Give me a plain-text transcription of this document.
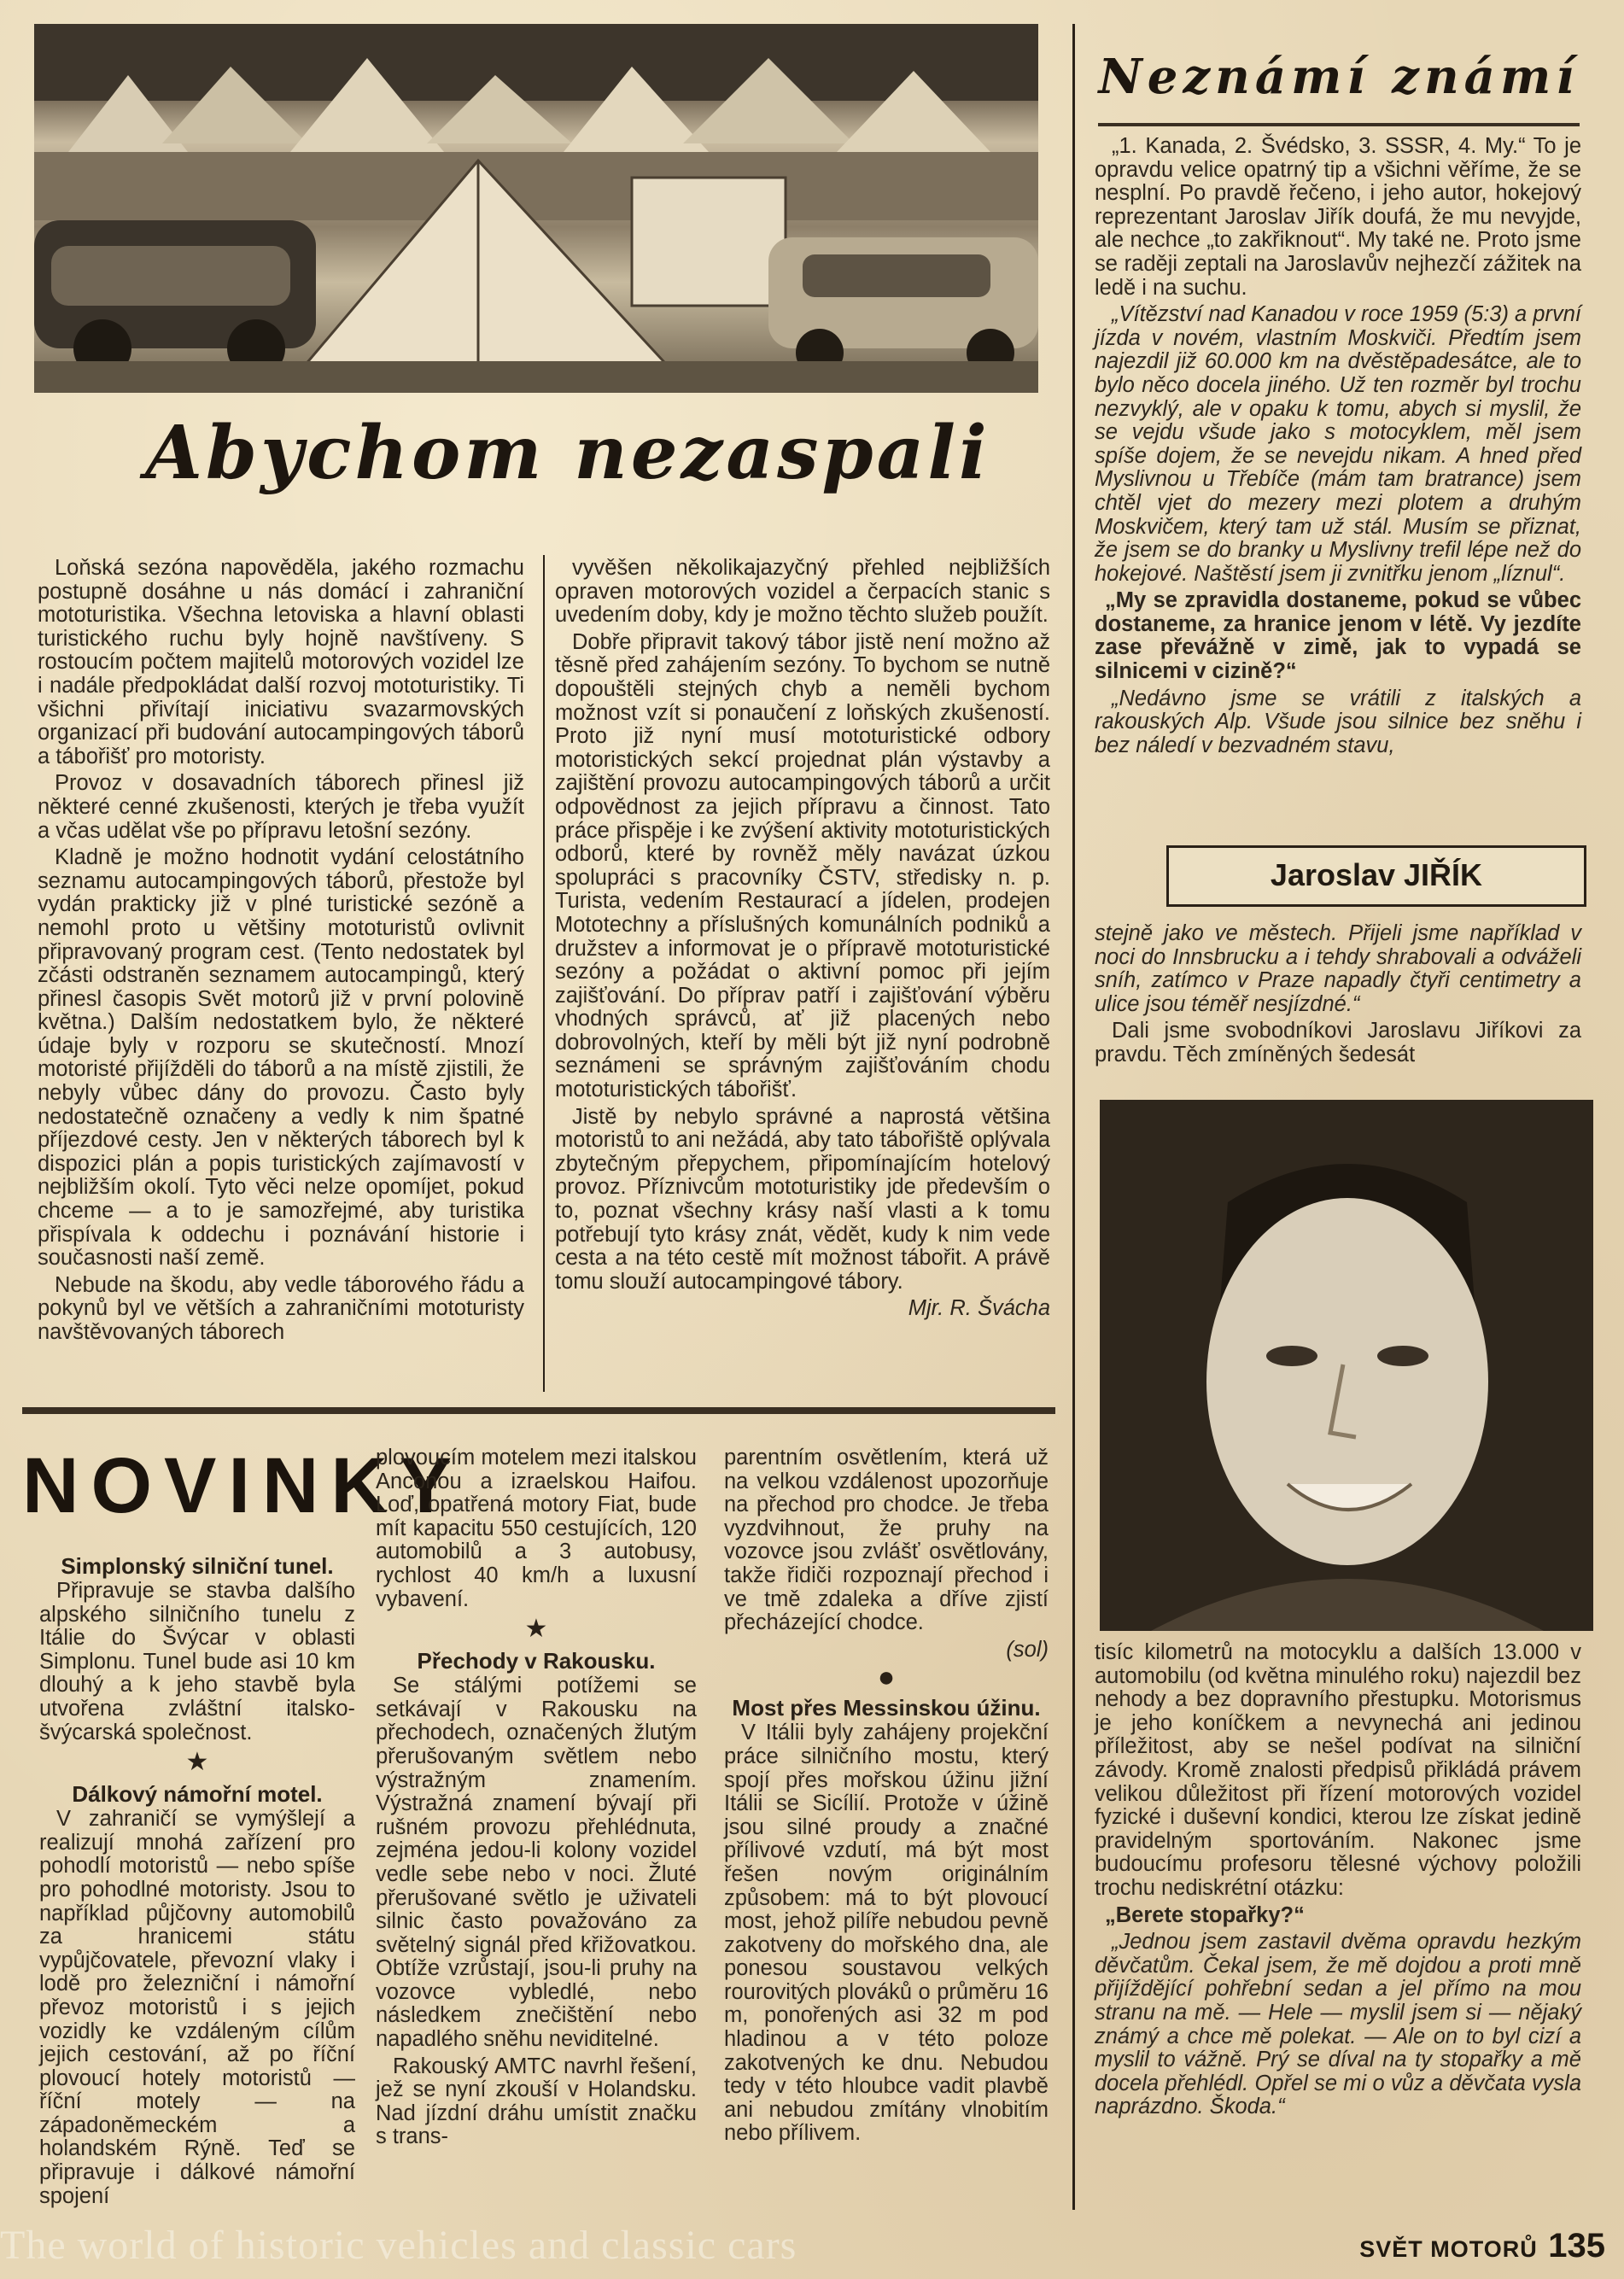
Abychom nezaspali
Neznámí známí

Loňská sezóna napověděla, jakého rozmachu postupně dosáhne u nás domácí i zahraniční mototuristika. Všechna letoviska a hlavní oblasti turistického ruchu byly hojně navštíveny. S rostoucím počtem majitelů motorových vozidel lze i nadále předpokládat další rozvoj mototuristiky. Ti všichni přivítají iniciativu svazarmovských organizací při budování autocampingových táborů a tábořišť pro motoristy.

Provoz v dosavadních táborech přinesl již některé cenné zkušenosti, kterých je třeba využít a včas udělat vše po přípravu letošní sezóny.

Kladně je možno hodnotit vydání celostátního seznamu autocampingových táborů, přestože byl vydán prakticky již v plné turistické sezóně a nemohl proto u většiny mototuristů ovlivnit připravovaný program cest. (Tento nedostatek byl zčásti odstraněn seznamem autocampingů, který přinesl časopis Svět motorů již v první polovině května.) Dalším nedostatkem bylo, že některé údaje byly v rozporu se skutečností. Mnozí motoristé přijížděli do táborů a na místě zjistili, že nebyly vůbec dány do provozu. Často byly nedostatečně označeny a vedly k nim špatné příjezdové cesty. Jen v některých táborech byl k dispozici plán a popis turistických zajímavostí v nejbližším okolí. Tyto věci nelze opomíjet, pokud chceme — a to je samozřejmé, aby turistika přispívala k oddechu i poznávání historie i současnosti naší země.

Nebude na škodu, aby vedle táborového řádu a pokynů byl ve větších a zahraničními mototuristy navštěvovaných táborech

vyvěšen několikajazyčný přehled nejbližších opraven motorových vozidel a čerpacích stanic s uvedením doby, kdy je možno těchto služeb použít.

Dobře připravit takový tábor jistě není možno až těsně před zahájením sezóny. To bychom se nutně dopouštěli stejných chyb a neměli bychom možnost vzít si ponaučení z loňských zkušeností. Proto již nyní musí mototuristické odbory motoristických sekcí projednat plán výstavby a zajištění provozu autocampingových táborů a určit odpovědnost za jejich přípravu a činnost. Tato práce přispěje i ke zvýšení aktivity mototuristických odborů, které by rovněž měly navázat úzkou spolupráci s pracovníky ČSTV, středisky n. p. Turista, vedením Restaurací a jídelen, prodejen Mototechny a příslušných komunálních podniků a družstev a informovat je o přípravě mototuristické sezóny a požádat o aktivní pomoc při jejím zajišťování. Do příprav patří i zajišťování výběru vhodných správců, ať již placených nebo dobrovolných, kteří by měli být již nyní podrobně seznámeni se správným zajišťováním chodu mototuristických tábořišť.

Jistě by nebylo správné a naprostá většina motoristů to ani nežádá, aby tato tábořiště oplývala zbytečným přepychem, připomínajícím hotelový provoz. Příznivcům mototuristiky jde především o to, poznat všechny krásy naší vlasti a k tomu potřebují tyto krásy znát, vědět, kudy k nim vede cesta a na této cestě mít možnost tábořit. A právě tomu slouží autocampingové tábory.

Mjr. R. Švácha

NOVINKY
Simplonský silniční tunel.

Připravuje se stavba dalšího alpského silničního tunelu z Itálie do Švýcar v oblasti Simplonu. Tunel bude asi 10 km dlouhý a k jeho stavbě byla utvořena zvláštní italsko-švýcarská společnost.

★
Dálkový námořní motel.

V zahraničí se vymýšlejí a realizují mnohá zařízení pro pohodlí motoristů — nebo spíše pro pohodlné motoristy. Jsou to například půjčovny automobilů za hranicemi státu vypůjčovatele, převozní vlaky i lodě pro železniční i námořní převoz motoristů i s jejich vozidly ke vzdáleným cílům jejich cestování, až po říční plovoucí hotely motoristů — říční motely — na západoněmeckém a holandském Rýně. Teď se připravuje i dálkové námořní spojení

plovoucím motelem mezi italskou Anconou a izraelskou Haifou. Loď, opatřená motory Fiat, bude mít kapacitu 550 cestujících, 120 automobilů a 3 autobusy, rychlost 40 km/h a luxusní vybavení.

★
Přechody v Rakousku.

Se stálými potížemi se setkávají v Rakousku na přechodech, označených žlutým přerušovaným světlem nebo výstražným znamením. Výstražná znamení bývají při rušném provozu přehlédnuta, zejména jedou-li kolony vozidel vedle sebe nebo v noci. Žluté přerušované světlo je uživateli silnic často považováno za světelný signál před křižovatkou. Obtíže vzrůstají, jsou-li pruhy na vozovce vybledlé, nebo následkem znečištění nebo napadlého sněhu neviditelné.

Rakouský AMTC navrhl řešení, jež se nyní zkouší v Holandsku. Nad jízdní dráhu umístit značku s trans-

parentním osvětlením, která už na velkou vzdálenost upozorňuje na přechod pro chodce. Je třeba vyzdvihnout, že pruhy na vozovce jsou zvlášť osvětlovány, takže řidiči rozpoznají přechod i ve tmě zdaleka a dříve zjistí přecházející chodce.

(sol)

●
Most přes Messinskou úžinu.

V Itálii byly zahájeny projekční práce silničního mostu, který spojí přes mořskou úžinu jižní Itálii se Sicílií. Protože v úžině jsou silné proudy a značné přílivové vzdutí, má být most řešen novým originálním způsobem: má to být plovoucí most, jehož pilíře nebudou pevně zakotveny do mořského dna, ale ponesou soustavou velkých rourovitých plováků o průměru 16 m, ponořených asi 32 m pod hladinou a v této poloze zakotvených ke dnu. Nebudou tedy v této hloubce vadit plavbě ani nebudou zmítány vlnobitím nebo přílivem.

„1. Kanada, 2. Švédsko, 3. SSSR, 4. My.“ To je opravdu velice opatrný tip a všichni věříme, že se nesplní. Po pravdě řečeno, i jeho autor, hokejový reprezentant Jaroslav Jiřík doufá, že mu nevyjde, ale nechce „to zakřiknout“. My také ne. Proto jsme se raději zeptali na Jaroslavův nejhezčí zážitek na ledě i na suchu.

„Vítězství nad Kanadou v roce 1959 (5:3) a první jízda v novém, vlastním Moskviči. Předtím jsem najezdil již 60.000 km na dvěstěpadesátce, ale to bylo něco docela jiného. Už ten rozměr byl trochu nezvyklý, ale v opaku k tomu, abych si myslil, že se vejdu všude jako s motocyklem, měl jsem spíše dojem, že se nevejdu nikam. A hned před Myslivnou u Třebíče (mám tam bratrance) jsem chtěl vjet do mezery mezi plotem a druhým Moskvičem, který tam už stál. Musím se přiznat, že jsem se do branky u Myslivny trefil lépe než do hokejové. Naštěstí jsem ji zvnitřku jenom „líznul“.

„My se zpravidla dostaneme, pokud se vůbec dostaneme, za hranice jenom v létě. Vy jezdíte zase převážně v zimě, jak to vypadá se silnicemi v cizině?“

„Nedávno jsme se vrátili z italských a rakouských Alp. Všude jsou silnice bez sněhu i bez náledí v bezvadném stavu,

Jaroslav JIŘÍK

stejně jako ve městech. Přijeli jsme například v noci do Innsbrucku a i tehdy shrabovali a odváželi sníh, zatímco v Praze napadly čtyři centimetry a ulice jsou téměř nesjízdné.“

Dali jsme svobodníkovi Jaroslavu Jiříkovi za pravdu. Těch zmíněných šedesát

tisíc kilometrů na motocyklu a dalších 13.000 v automobilu (od května minulého roku) najezdil bez nehody a bez dopravního přestupku. Motorismus je jeho koníčkem a nevynechá ani jedinou příležitost, aby se nešel podívat na silniční závody. Kromě znalosti předpisů přikládá právem velikou důležitost při řízení motorových vozidel fyzické i duševní kondici, kterou lze získat jedině pravidelným sportováním. Nakonec jsme budoucímu profesoru tělesné výchovy položili trochu nediskrétní otázku:

„Berete stopařky?“

„Jednou jsem zastavil dvěma opravdu hezkým děvčatům. Čekal jsem, že mě dojdou a proti mně přijíždějící pohřební sedan a jel přímo na mou stranu na mě. — Hele — myslil jsem si — nějaký známý a chce mě polekat. — Ale on to byl cizí a myslil to vážně. Prý se díval na ty stopařky a mě docela přehlédl. Opřel se mi o vůz a děvčata vysla naprázdno. Škoda.“

The world of historic vehicles and classic cars	SVĚT MOTORŮ 135
